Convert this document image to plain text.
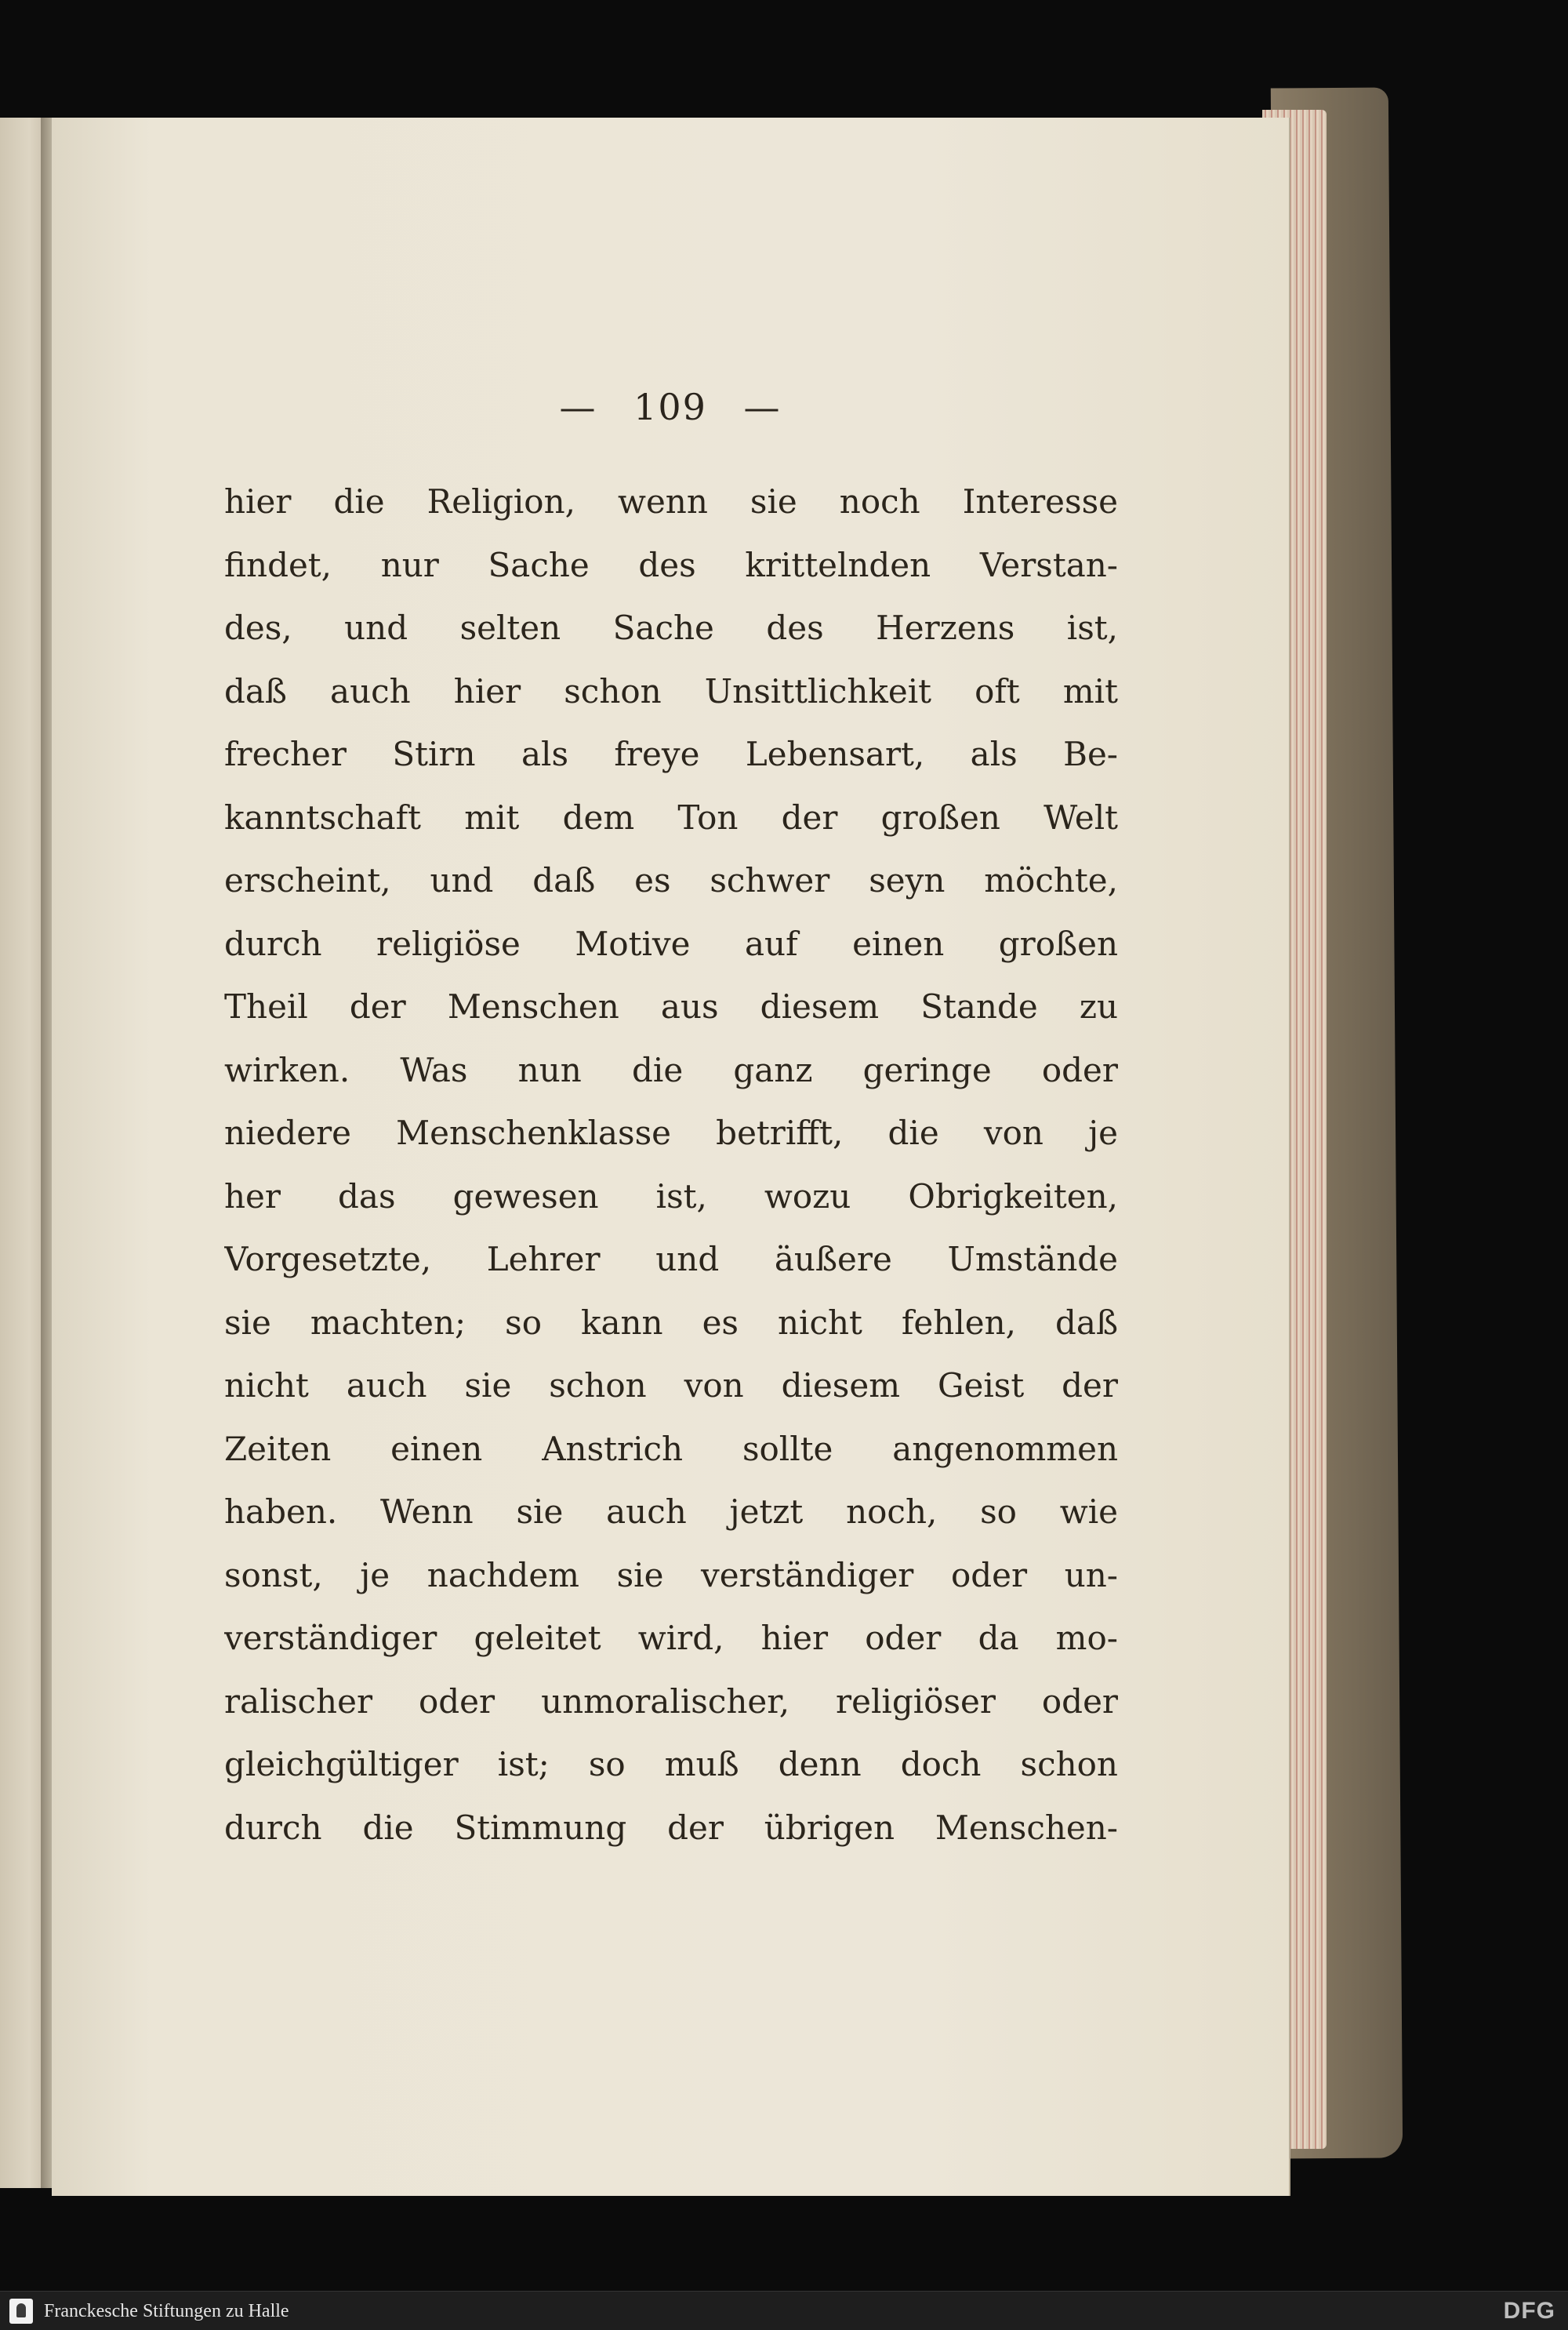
— 109 —
hier die Religion, wenn sie noch Interesse
findet, nur Sache des krittelnden Verstan-
des, und selten Sache des Herzens ist,
daß auch hier schon Unsittlichkeit oft mit
frecher Stirn als freye Lebensart, als Be-
kanntschaft mit dem Ton der großen Welt
erscheint, und daß es schwer seyn möchte,
durch religiöse Motive auf einen großen
Theil der Menschen aus diesem Stande zu
wirken. Was nun die ganz geringe oder
niedere Menschenklasse betrifft, die von je
her das gewesen ist, wozu Obrigkeiten,
Vorgesetzte, Lehrer und äußere Umstände
sie machten; so kann es nicht fehlen, daß
nicht auch sie schon von diesem Geist der
Zeiten einen Anstrich sollte angenommen
haben. Wenn sie auch jetzt noch, so wie
sonst, je nachdem sie verständiger oder un-
verständiger geleitet wird, hier oder da mo-
ralischer oder unmoralischer, religiöser oder
gleichgültiger ist; so muß denn doch schon
durch die Stimmung der übrigen Menschen-
Franckesche Stiftungen zu Halle	DFG
